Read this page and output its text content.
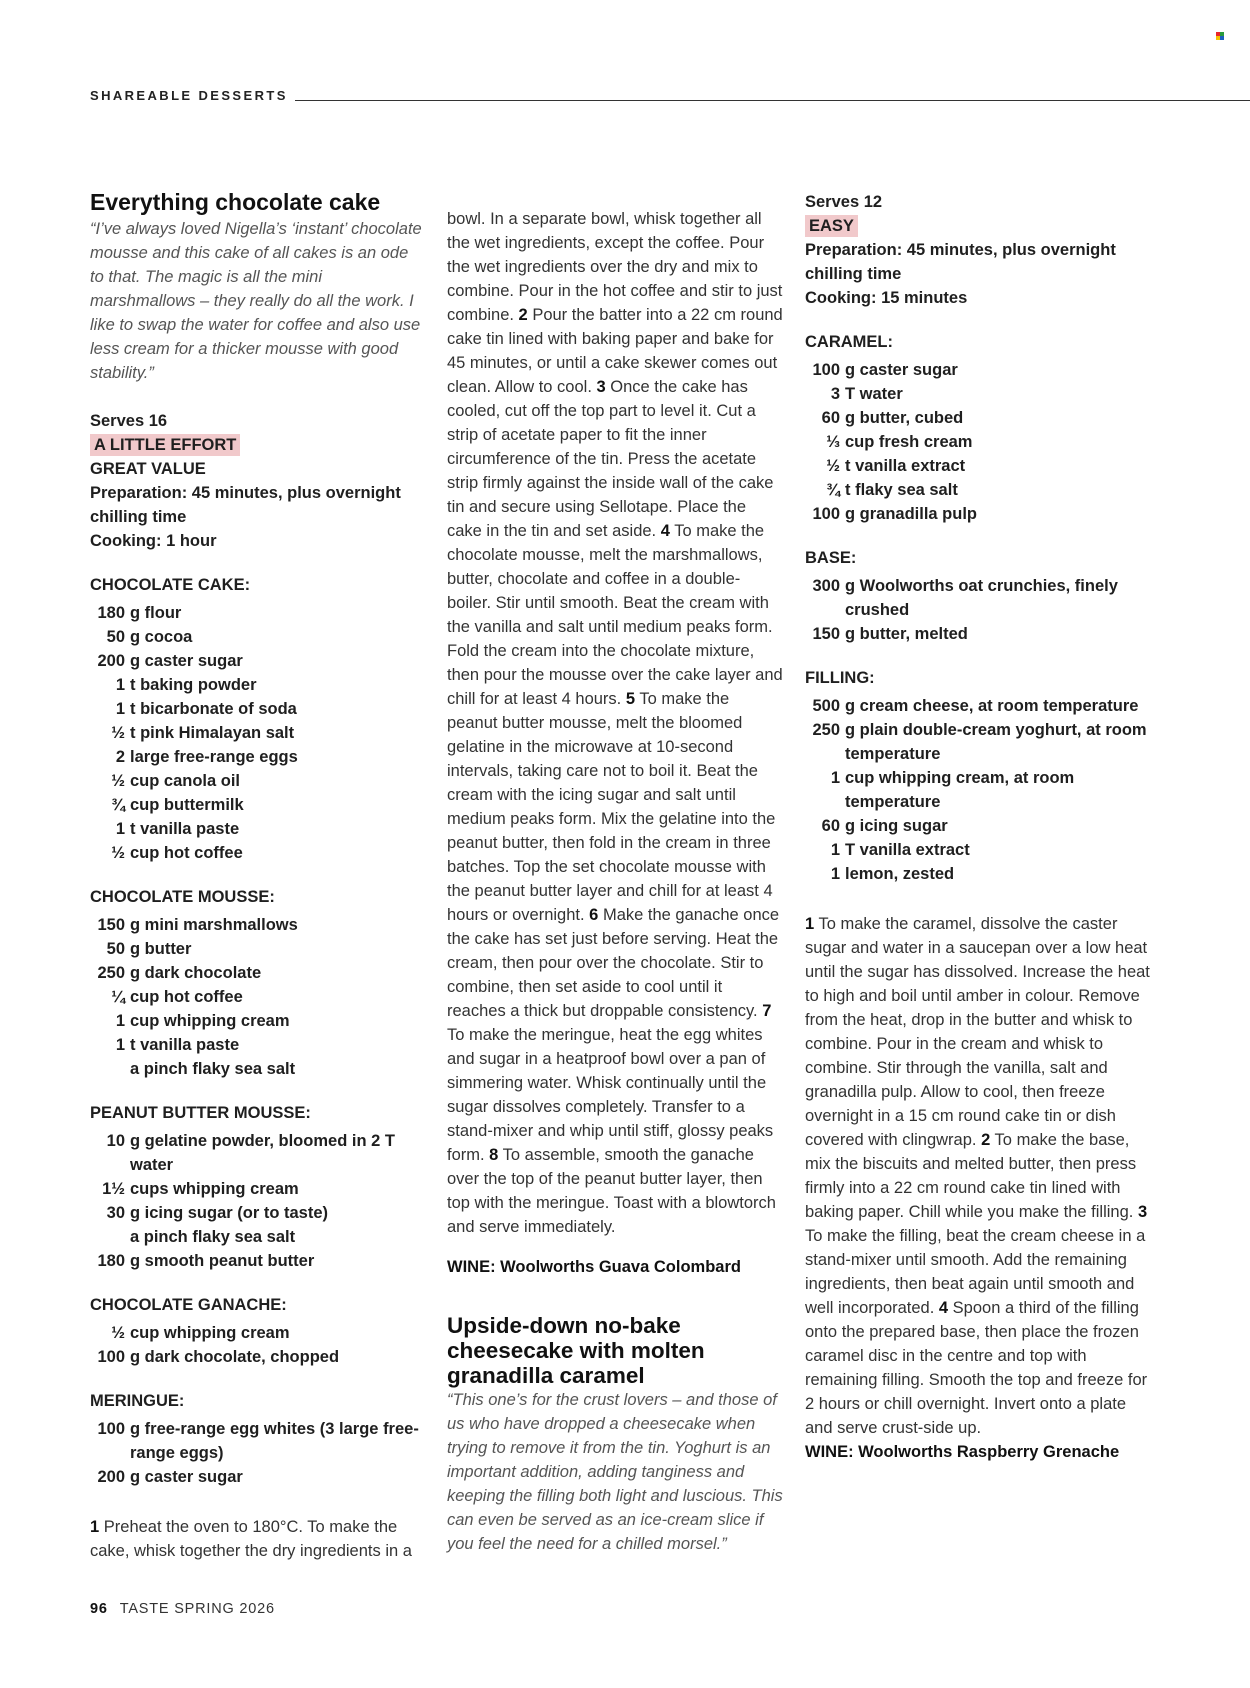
SHAREABLE DESSERTS
Everything chocolate cake
“I’ve always loved Nigella’s ‘instant’ chocolate mousse and this cake of all cakes is an ode to that. The magic is all the mini marshmallows – they really do all the work. I like to swap the water for coffee and also use less cream for a thicker mousse with good stability.”
Serves 16
A LITTLE EFFORT
GREAT VALUE
Preparation: 45 minutes, plus overnight chilling time
Cooking: 1 hour
CHOCOLATE CAKE:
180 g flour
50 g cocoa
200 g caster sugar
1 t baking powder
1 t bicarbonate of soda
½ t pink Himalayan salt
2 large free-range eggs
½ cup canola oil
¾ cup buttermilk
1 t vanilla paste
½ cup hot coffee
CHOCOLATE MOUSSE:
150 g mini marshmallows
50 g butter
250 g dark chocolate
¼ cup hot coffee
1 cup whipping cream
1 t vanilla paste
a pinch flaky sea salt
PEANUT BUTTER MOUSSE:
10 g gelatine powder, bloomed in 2 T water
1½ cups whipping cream
30 g icing sugar (or to taste)
a pinch flaky sea salt
180 g smooth peanut butter
CHOCOLATE GANACHE:
½ cup whipping cream
100 g dark chocolate, chopped
MERINGUE:
100 g free-range egg whites (3 large free-range eggs)
200 g caster sugar

1 Preheat the oven to 180°C. To make the cake, whisk together the dry ingredients in a

bowl. In a separate bowl, whisk together all the wet ingredients, except the coffee. Pour the wet ingredients over the dry and mix to combine. Pour in the hot coffee and stir to just combine. 2 Pour the batter into a 22 cm round cake tin lined with baking paper and bake for 45 minutes, or until a cake skewer comes out clean. Allow to cool. 3 Once the cake has cooled, cut off the top part to level it. Cut a strip of acetate paper to fit the inner circumference of the tin. Press the acetate strip firmly against the inside wall of the cake tin and secure using Sellotape. Place the cake in the tin and set aside. 4 To make the chocolate mousse, melt the marshmallows, butter, chocolate and coffee in a double-boiler. Stir until smooth. Beat the cream with the vanilla and salt until medium peaks form. Fold the cream into the chocolate mixture, then pour the mousse over the cake layer and chill for at least 4 hours. 5 To make the peanut butter mousse, melt the bloomed gelatine in the microwave at 10-second intervals, taking care not to boil it. Beat the cream with the icing sugar and salt until medium peaks form. Mix the gelatine into the peanut butter, then fold in the cream in three batches. Top the set chocolate mousse with the peanut butter layer and chill for at least 4 hours or overnight. 6 Make the ganache once the cake has set just before serving. Heat the cream, then pour over the chocolate. Stir to combine, then set aside to cool until it reaches a thick but droppable consistency. 7 To make the meringue, heat the egg whites and sugar in a heatproof bowl over a pan of simmering water. Whisk continually until the sugar dissolves completely. Transfer to a stand-mixer and whip until stiff, glossy peaks form. 8 To assemble, smooth the ganache over the top of the peanut butter layer, then top with the meringue. Toast with a blowtorch and serve immediately.

WINE: Woolworths Guava Colombard
Upside-down no-bake cheesecake with molten granadilla caramel
“This one’s for the crust lovers – and those of us who have dropped a cheesecake when trying to remove it from the tin. Yoghurt is an important addition, adding tanginess and keeping the filling both light and luscious. This can even be served as an ice-cream slice if you feel the need for a chilled morsel.”
Serves 12
EASY
Preparation: 45 minutes, plus overnight chilling time
Cooking: 15 minutes
CARAMEL:
100 g caster sugar
3 T water
60 g butter, cubed
⅓ cup fresh cream
½ t vanilla extract
¾ t flaky sea salt
100 g granadilla pulp
BASE:
300 g Woolworths oat crunchies, finely crushed
150 g butter, melted
FILLING:
500 g cream cheese, at room temperature
250 g plain double-cream yoghurt, at room temperature
1 cup whipping cream, at room temperature
60 g icing sugar
1 T vanilla extract
1 lemon, zested

1 To make the caramel, dissolve the caster sugar and water in a saucepan over a low heat until the sugar has dissolved. Increase the heat to high and boil until amber in colour. Remove from the heat, drop in the butter and whisk to combine. Pour in the cream and whisk to combine. Stir through the vanilla, salt and granadilla pulp. Allow to cool, then freeze overnight in a 15 cm round cake tin or dish covered with clingwrap. 2 To make the base, mix the biscuits and melted butter, then press firmly into a 22 cm round cake tin lined with baking paper. Chill while you make the filling. 3 To make the filling, beat the cream cheese in a stand-mixer until smooth. Add the remaining ingredients, then beat again until smooth and well incorporated. 4 Spoon a third of the filling onto the prepared base, then place the frozen caramel disc in the centre and top with remaining filling. Smooth the top and freeze for 2 hours or chill overnight. Invert onto a plate and serve crust-side up.

WINE: Woolworths Raspberry Grenache
96 TASTE SPRING 2026
